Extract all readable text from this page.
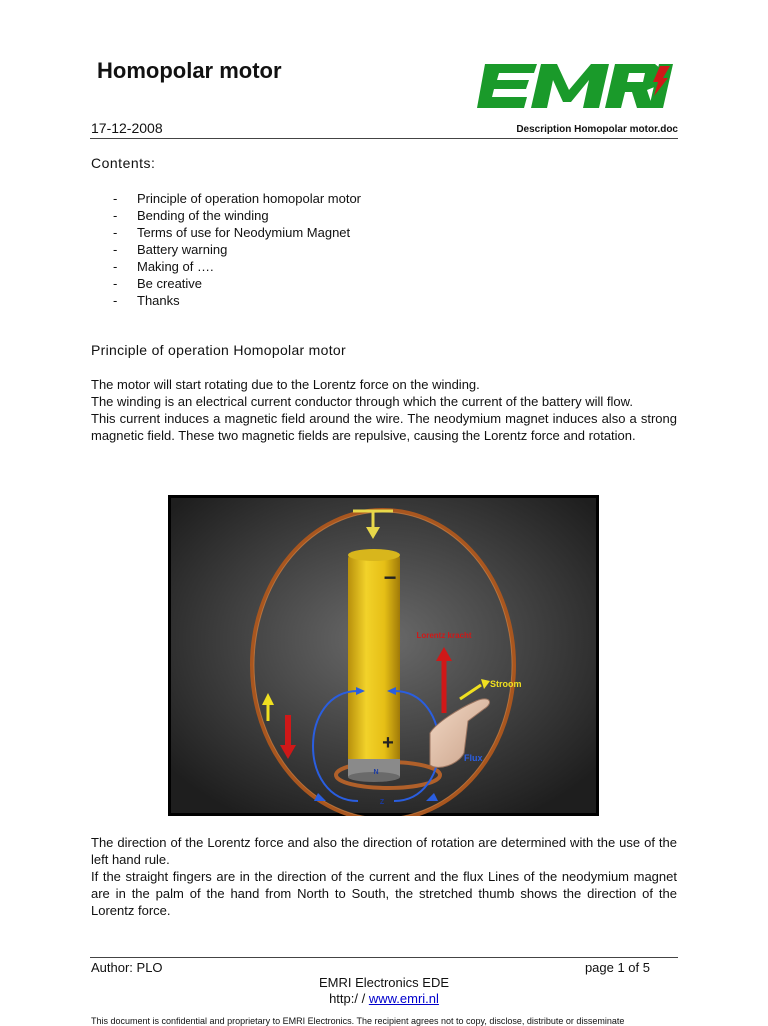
Homopolar motor
17-12-2008	Description Homopolar motor.doc
Contents:
- Principle of operation homopolar motor
- Bending of the winding
- Terms of use for Neodymium Magnet
- Battery warning
- Making of ….
- Be creative
- Thanks
Principle of operation Homopolar motor
The motor will start rotating due to the Lorentz force on the winding.
The winding is an electrical current conductor through which the current of the battery will flow.
This current induces a magnetic field around the wire. The neodymium magnet induces also a strong magnetic field. These two magnetic fields are repulsive, causing the Lorentz force and rotation.
−
+
Lorentz kracht
Stroom
Flux
N
Z
The direction of the Lorentz force and also the direction of rotation are determined with the use of the left hand rule.
If the straight fingers are in the direction of the current and the flux Lines of the neodymium magnet are in the palm of the hand from North to South, the stretched thumb shows the direction of the Lorentz force.
Author: PLO	page 1 of 5
EMRI Electronics EDE
http:/ / www.emri.nl
This document is confidential and proprietary to EMRI Electronics. The recipient agrees not to copy, disclose, distribute or disseminate
